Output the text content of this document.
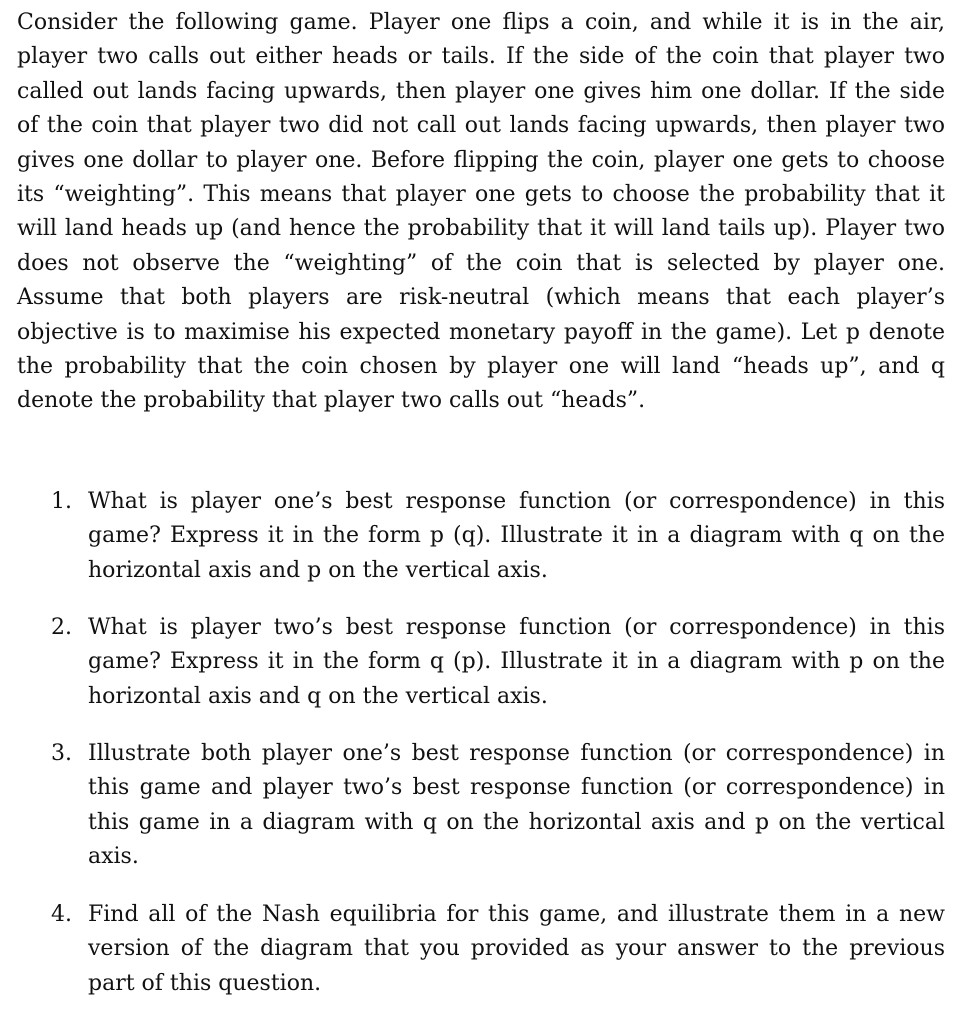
Consider the following game. Player one flips a coin, and while it is in the air, player two calls out either heads or tails. If the side of the coin that player two called out lands facing upwards, then player one gives him one dollar. If the side of the coin that player two did not call out lands facing upwards, then player two gives one dollar to player one. Before flipping the coin, player one gets to choose its “weighting”. This means that player one gets to choose the probability that it will land heads up (and hence the probability that it will land tails up). Player two does not observe the “weighting” of the coin that is selected by player one. Assume that both players are risk-neutral (which means that each player’s objective is to maximise his expected monetary payoff in the game). Let p denote the probability that the coin chosen by player one will land “heads up”, and q denote the probability that player two calls out “heads”.

1. What is player one’s best response function (or correspondence) in this game? Express it in the form p (q). Illustrate it in a diagram with q on the horizontal axis and p on the vertical axis.

2. What is player two’s best response function (or correspondence) in this game? Express it in the form q (p). Illustrate it in a diagram with p on the horizontal axis and q on the vertical axis.

3. Illustrate both player one’s best response function (or correspondence) in this game and player two’s best response function (or correspondence) in this game in a diagram with q on the horizontal axis and p on the vertical axis.

4. Find all of the Nash equilibria for this game, and illustrate them in a new version of the diagram that you provided as your answer to the previous part of this question.
